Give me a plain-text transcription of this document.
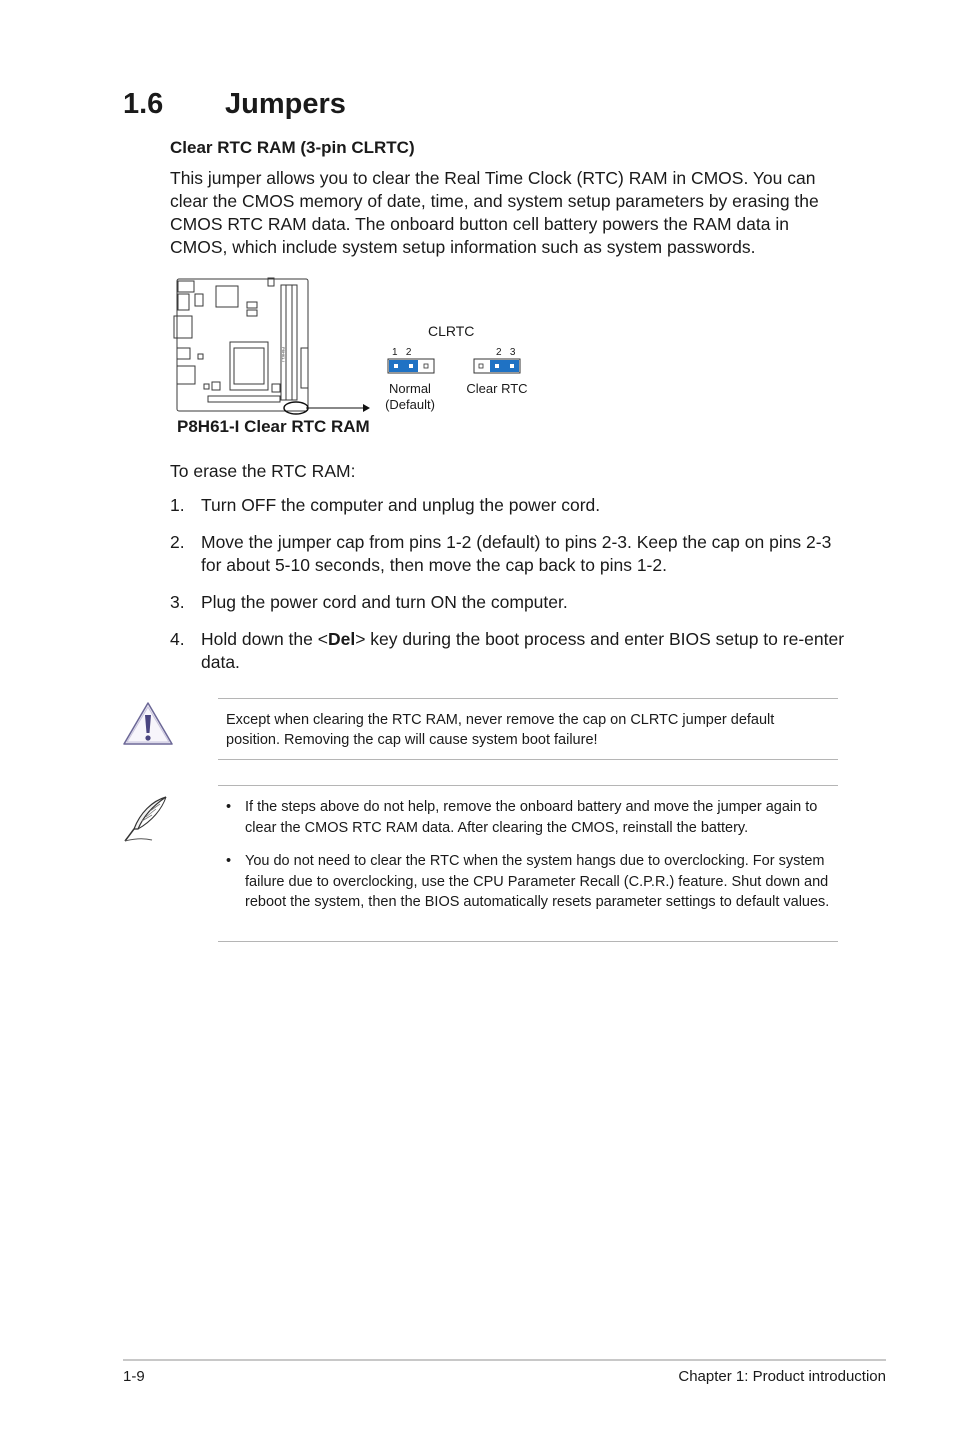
1.6 Jumpers
Clear RTC RAM (3-pin CLRTC)
This jumper allows you to clear the Real Time Clock (RTC) RAM in CMOS. You can clear the CMOS memory of date, time, and system setup parameters by erasing the CMOS RTC RAM data. The onboard button cell battery powers the RAM data in CMOS, which include system setup information such as system passwords.
P8H61-I
CLRTC
1   2	2   3
Normal
(Default)
Clear RTC
P8H61-I Clear RTC RAM
To erase the RTC RAM:
1. Turn OFF the computer and unplug the power cord.
2. Move the jumper cap from pins 1-2 (default) to pins 2-3. Keep the cap on pins 2-3 for about 5-10 seconds, then move the cap back to pins 1-2.
3. Plug the power cord and turn ON the computer.
4. Hold down the <Del> key during the boot process and enter BIOS setup to re-enter data.
Except when clearing the RTC RAM, never remove the cap on CLRTC jumper default position. Removing the cap will cause system boot failure!
• If the steps above do not help, remove the onboard battery and move the jumper again to clear the CMOS RTC RAM data. After clearing the CMOS, reinstall the battery.
• You do not need to clear the RTC when the system hangs due to overclocking. For system failure due to overclocking, use the CPU Parameter Recall (C.P.R.) feature. Shut down and reboot the system, then the BIOS automatically resets parameter settings to default values.
1-9	Chapter 1: Product introduction
